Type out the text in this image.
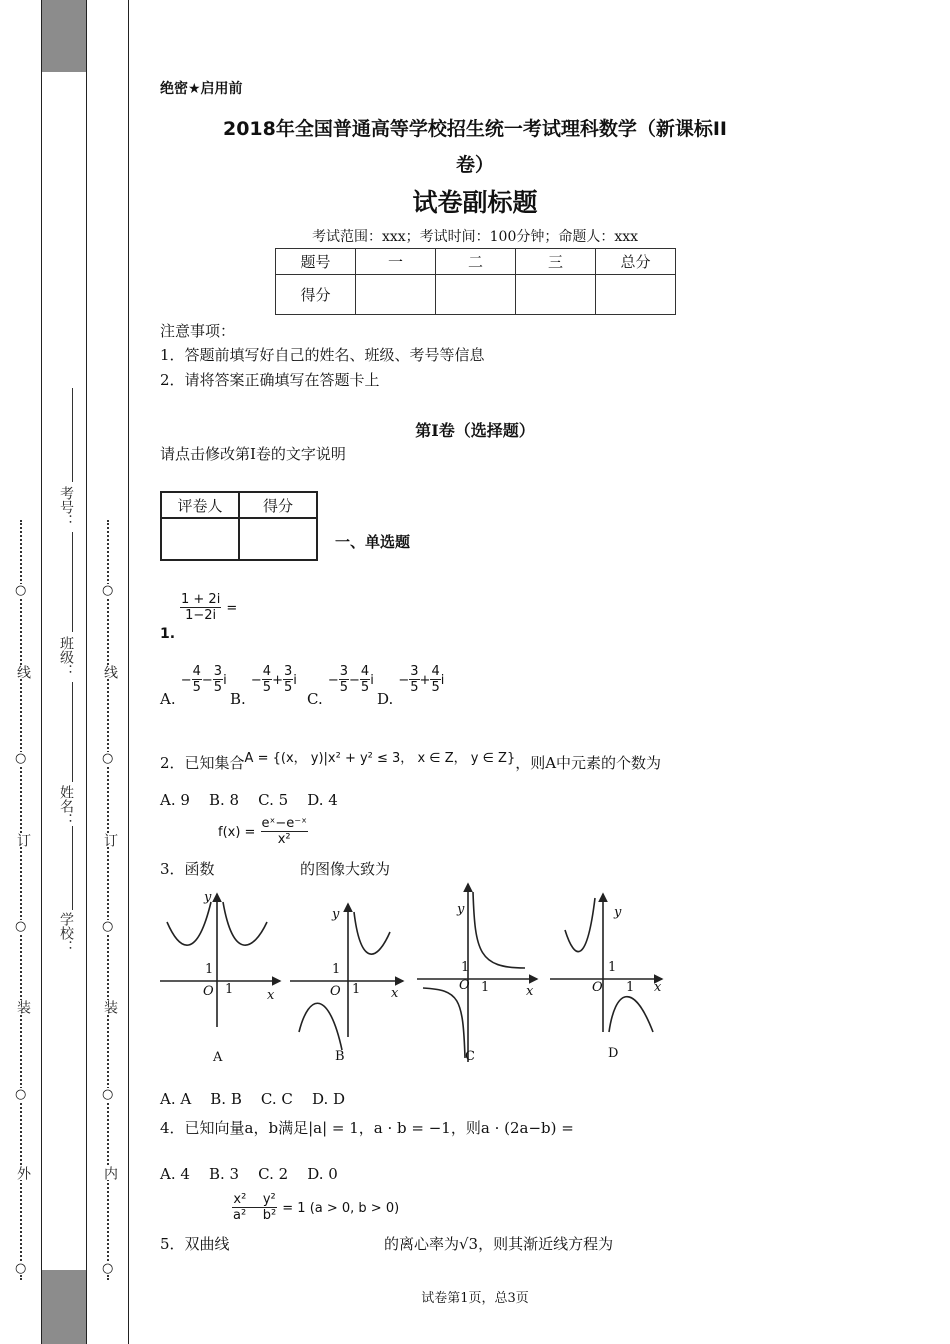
○
○
○
○
○
线
订
装
外
○
○
○
○
○
线
订
装
内
学校：
姓名：
班级：
考号：
绝密★启用前
2018年全国普通高等学校招生统一考试理科数学（新课标II
卷）
试卷副标题
考试范围：xxx；考试时间：100分钟；命题人：xxx
题号	一	二	三	总分
得分				
注意事项：
1．答题前填写好自己的姓名、班级、考号等信息
2．请将答案正确填写在答题卡上
第I卷（选择题）
请点击修改第I卷的文字说明
评卷人	得分

一、单选题
1.
$\frac{1 + 2i}{1-2i}$ =
A. − $\frac{4}{5} - \frac{3}{5}$ i
B. − $\frac{4}{5} + \frac{3}{5}$ i
C. − $\frac{3}{5} - \frac{4}{5}$ i
D. − $\frac{3}{5} + \frac{4}{5}$ i
2．已知集合A = {(x， y)|x² + y² ≤ 3， x ∈ Z， y ∈ Z}，则A中元素的个数为
A. 9    B. 8    C. 5    D. 4
3．函数
$f(x) = \frac{\text{eˣ−e⁻ˣ}}{\text{x²}}$
的图像大致为
y
x
O
1
1
A
y
x
O
1
1
B
y
x
O
1
1
C
y
x
O
1
1
D
A. A    B. B    C. C    D. D
4．已知向量a，b满足|a| = 1，a · b = −1，则a · (2a−b) =
A. 4    B. 3    C. 2    D. 0
5．双曲线
$\frac{\text{x²    y²}}{\text{a²    b²}} = 1$ (a > 0, b > 0)
的离心率为√3，则其渐近线方程为
试卷第1页，总3页
